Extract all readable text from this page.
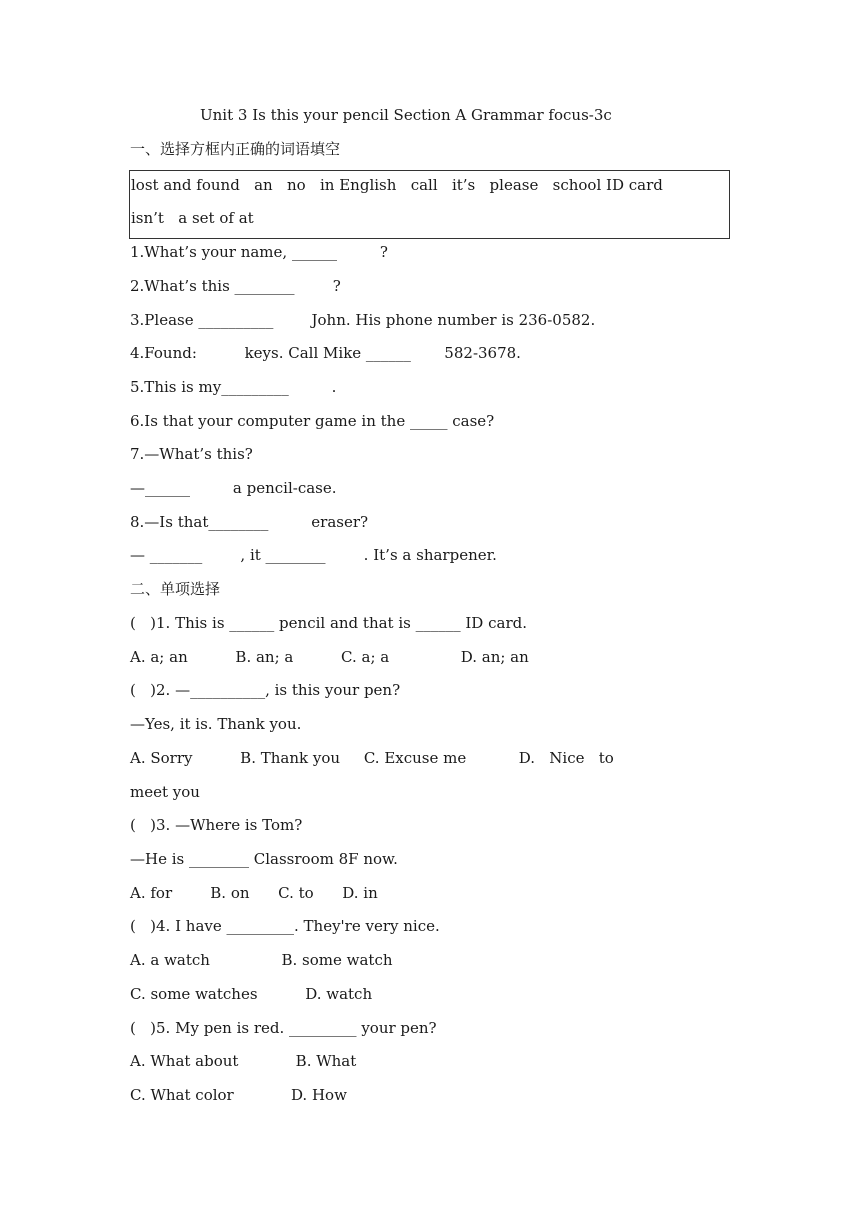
Unit 3 Is this your pencil Section A Grammar focus-3c
一、选择方框内正确的词语填空
lost and found   an   no   in English   call   it’s   please   school ID card
isn’t   a set of at
1.What’s your name, ______         ?
2.What’s this ________        ?
3.Please __________        John. His phone number is 236-0582.
4.Found:          keys. Call Mike ______       582-3678.
5.This is my_________         .
6.Is that your computer game in the _____ case?
7.—What’s this?
—______         a pencil-case.
8.—Is that________         eraser?
— _______        , it ________        . It’s a sharpener.
二、单项选择
(   )1. This is ______ pencil and that is ______ ID card.
A. a; an          B. an; a          C. a; a               D. an; an
(   )2. —__________, is this your pen?
—Yes, it is. Thank you.
A. Sorry          B. Thank you     C. Excuse me           D.   Nice   to
meet you
(   )3. —Where is Tom?
—He is ________ Classroom 8F now.
A. for        B. on      C. to      D. in
(   )4. I have _________. They're very nice.
A. a watch               B. some watch
C. some watches          D. watch
(   )5. My pen is red. _________ your pen?
A. What about            B. What
C. What color            D. How
